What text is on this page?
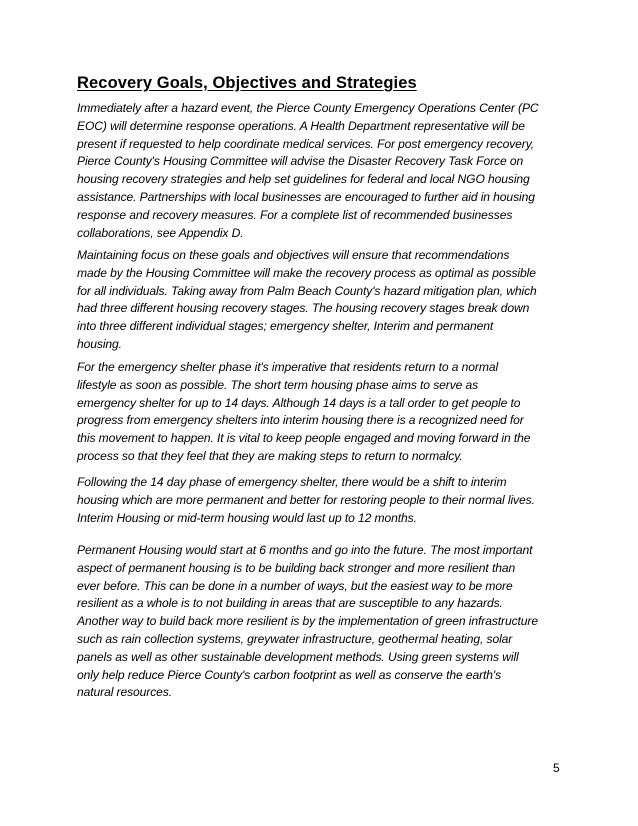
Recovery Goals, Objectives and Strategies

Immediately after a hazard event, the Pierce County Emergency Operations Center (PC
EOC) will determine response operations. A Health Department representative will be
present if requested to help coordinate medical services. For post emergency recovery,
Pierce County's Housing Committee will advise the Disaster Recovery Task Force on
housing recovery strategies and help set guidelines for federal and local NGO housing
assistance. Partnerships with local businesses are encouraged to further aid in housing
response and recovery measures. For a complete list of recommended businesses
collaborations, see Appendix D.

Maintaining focus on these goals and objectives will ensure that recommendations
made by the Housing Committee will make the recovery process as optimal as possible
for all individuals. Taking away from Palm Beach County's hazard mitigation plan, which
had three different housing recovery stages. The housing recovery stages break down
into three different individual stages; emergency shelter, Interim and permanent
housing.

For the emergency shelter phase it's imperative that residents return to a normal
lifestyle as soon as possible. The short term housing phase aims to serve as
emergency shelter for up to 14 days. Although 14 days is a tall order to get people to
progress from emergency shelters into interim housing there is a recognized need for
this movement to happen. It is vital to keep people engaged and moving forward in the
process so that they feel that they are making steps to return to normalcy.

Following the 14 day phase of emergency shelter, there would be a shift to interim
housing which are more permanent and better for restoring people to their normal lives.
Interim Housing or mid-term housing would last up to 12 months.

Permanent Housing would start at 6 months and go into the future. The most important
aspect of permanent housing is to be building back stronger and more resilient than
ever before. This can be done in a number of ways, but the easiest way to be more
resilient as a whole is to not building in areas that are susceptible to any hazards.
Another way to build back more resilient is by the implementation of green infrastructure
such as rain collection systems, greywater infrastructure, geothermal heating, solar
panels as well as other sustainable development methods. Using green systems will
only help reduce Pierce County's carbon footprint as well as conserve the earth's
natural resources.

5
